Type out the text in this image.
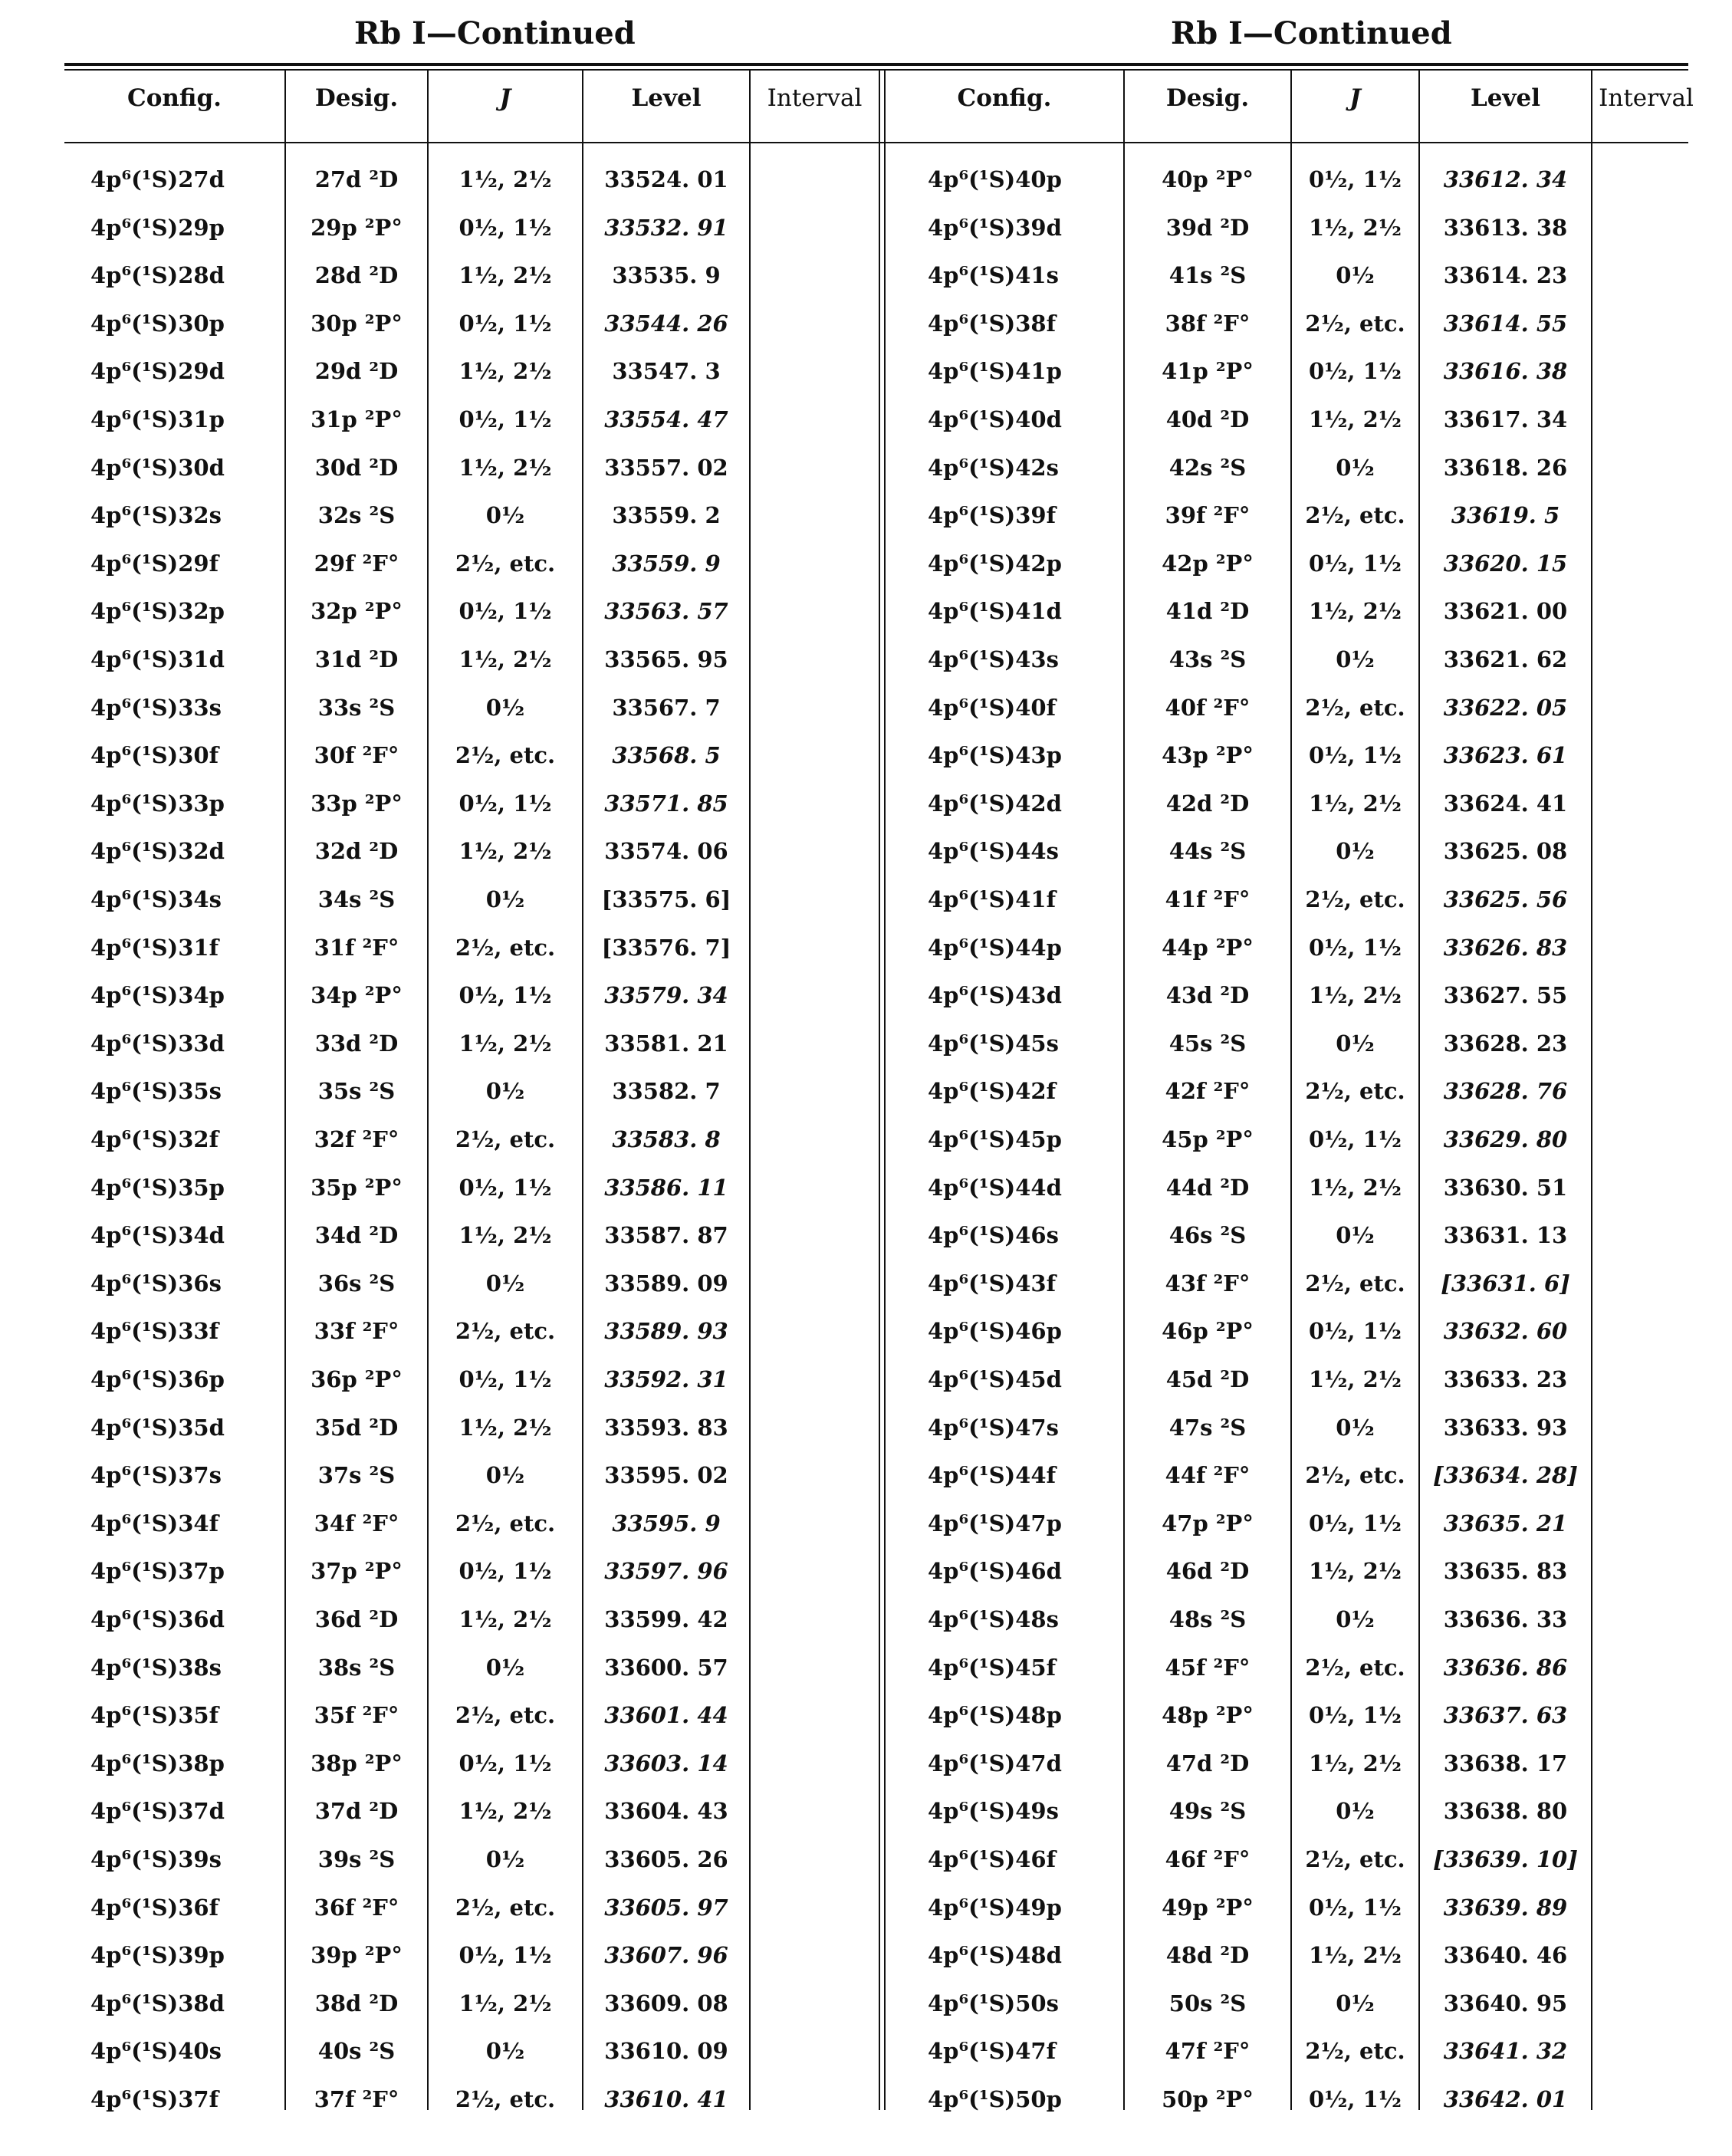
Rb I—Continued	Rb I—Continued
Config.	Desig.	J	Level	Interval	Config.	Desig.	J	Level	Interval
4p⁶(¹S)27d	27d ²D	1½, 2½	33524. 01
4p⁶(¹S)29p	29p ²P°	0½, 1½	33532. 91
4p⁶(¹S)28d	28d ²D	1½, 2½	33535. 9
4p⁶(¹S)30p	30p ²P°	0½, 1½	33544. 26
4p⁶(¹S)29d	29d ²D	1½, 2½	33547. 3
4p⁶(¹S)31p	31p ²P°	0½, 1½	33554. 47
4p⁶(¹S)30d	30d ²D	1½, 2½	33557. 02
4p⁶(¹S)32s	32s ²S	0½	33559. 2
4p⁶(¹S)29f	29f ²F°	2½, etc.	33559. 9
4p⁶(¹S)32p	32p ²P°	0½, 1½	33563. 57
4p⁶(¹S)31d	31d ²D	1½, 2½	33565. 95
4p⁶(¹S)33s	33s ²S	0½	33567. 7
4p⁶(¹S)30f	30f ²F°	2½, etc.	33568. 5
4p⁶(¹S)33p	33p ²P°	0½, 1½	33571. 85
4p⁶(¹S)32d	32d ²D	1½, 2½	33574. 06
4p⁶(¹S)34s	34s ²S	0½	[33575. 6]
4p⁶(¹S)31f	31f ²F°	2½, etc.	[33576. 7]
4p⁶(¹S)34p	34p ²P°	0½, 1½	33579. 34
4p⁶(¹S)33d	33d ²D	1½, 2½	33581. 21
4p⁶(¹S)35s	35s ²S	0½	33582. 7
4p⁶(¹S)32f	32f ²F°	2½, etc.	33583. 8
4p⁶(¹S)35p	35p ²P°	0½, 1½	33586. 11
4p⁶(¹S)34d	34d ²D	1½, 2½	33587. 87
4p⁶(¹S)36s	36s ²S	0½	33589. 09
4p⁶(¹S)33f	33f ²F°	2½, etc.	33589. 93
4p⁶(¹S)36p	36p ²P°	0½, 1½	33592. 31
4p⁶(¹S)35d	35d ²D	1½, 2½	33593. 83
4p⁶(¹S)37s	37s ²S	0½	33595. 02
4p⁶(¹S)34f	34f ²F°	2½, etc.	33595. 9
4p⁶(¹S)37p	37p ²P°	0½, 1½	33597. 96
4p⁶(¹S)36d	36d ²D	1½, 2½	33599. 42
4p⁶(¹S)38s	38s ²S	0½	33600. 57
4p⁶(¹S)35f	35f ²F°	2½, etc.	33601. 44
4p⁶(¹S)38p	38p ²P°	0½, 1½	33603. 14
4p⁶(¹S)37d	37d ²D	1½, 2½	33604. 43
4p⁶(¹S)39s	39s ²S	0½	33605. 26
4p⁶(¹S)36f	36f ²F°	2½, etc.	33605. 97
4p⁶(¹S)39p	39p ²P°	0½, 1½	33607. 96
4p⁶(¹S)38d	38d ²D	1½, 2½	33609. 08
4p⁶(¹S)40s	40s ²S	0½	33610. 09
4p⁶(¹S)37f	37f ²F°	2½, etc.	33610. 41
4p⁶(¹S)40p	40p ²P°	0½, 1½	33612. 34
4p⁶(¹S)39d	39d ²D	1½, 2½	33613. 38
4p⁶(¹S)41s	41s ²S	0½	33614. 23
4p⁶(¹S)38f	38f ²F°	2½, etc.	33614. 55
4p⁶(¹S)41p	41p ²P°	0½, 1½	33616. 38
4p⁶(¹S)40d	40d ²D	1½, 2½	33617. 34
4p⁶(¹S)42s	42s ²S	0½	33618. 26
4p⁶(¹S)39f	39f ²F°	2½, etc.	33619. 5
4p⁶(¹S)42p	42p ²P°	0½, 1½	33620. 15
4p⁶(¹S)41d	41d ²D	1½, 2½	33621. 00
4p⁶(¹S)43s	43s ²S	0½	33621. 62
4p⁶(¹S)40f	40f ²F°	2½, etc.	33622. 05
4p⁶(¹S)43p	43p ²P°	0½, 1½	33623. 61
4p⁶(¹S)42d	42d ²D	1½, 2½	33624. 41
4p⁶(¹S)44s	44s ²S	0½	33625. 08
4p⁶(¹S)41f	41f ²F°	2½, etc.	33625. 56
4p⁶(¹S)44p	44p ²P°	0½, 1½	33626. 83
4p⁶(¹S)43d	43d ²D	1½, 2½	33627. 55
4p⁶(¹S)45s	45s ²S	0½	33628. 23
4p⁶(¹S)42f	42f ²F°	2½, etc.	33628. 76
4p⁶(¹S)45p	45p ²P°	0½, 1½	33629. 80
4p⁶(¹S)44d	44d ²D	1½, 2½	33630. 51
4p⁶(¹S)46s	46s ²S	0½	33631. 13
4p⁶(¹S)43f	43f ²F°	2½, etc.	[33631. 6]
4p⁶(¹S)46p	46p ²P°	0½, 1½	33632. 60
4p⁶(¹S)45d	45d ²D	1½, 2½	33633. 23
4p⁶(¹S)47s	47s ²S	0½	33633. 93
4p⁶(¹S)44f	44f ²F°	2½, etc.	[33634. 28]
4p⁶(¹S)47p	47p ²P°	0½, 1½	33635. 21
4p⁶(¹S)46d	46d ²D	1½, 2½	33635. 83
4p⁶(¹S)48s	48s ²S	0½	33636. 33
4p⁶(¹S)45f	45f ²F°	2½, etc.	33636. 86
4p⁶(¹S)48p	48p ²P°	0½, 1½	33637. 63
4p⁶(¹S)47d	47d ²D	1½, 2½	33638. 17
4p⁶(¹S)49s	49s ²S	0½	33638. 80
4p⁶(¹S)46f	46f ²F°	2½, etc.	[33639. 10]
4p⁶(¹S)49p	49p ²P°	0½, 1½	33639. 89
4p⁶(¹S)48d	48d ²D	1½, 2½	33640. 46
4p⁶(¹S)50s	50s ²S	0½	33640. 95
4p⁶(¹S)47f	47f ²F°	2½, etc.	33641. 32
4p⁶(¹S)50p	50p ²P°	0½, 1½	33642. 01
